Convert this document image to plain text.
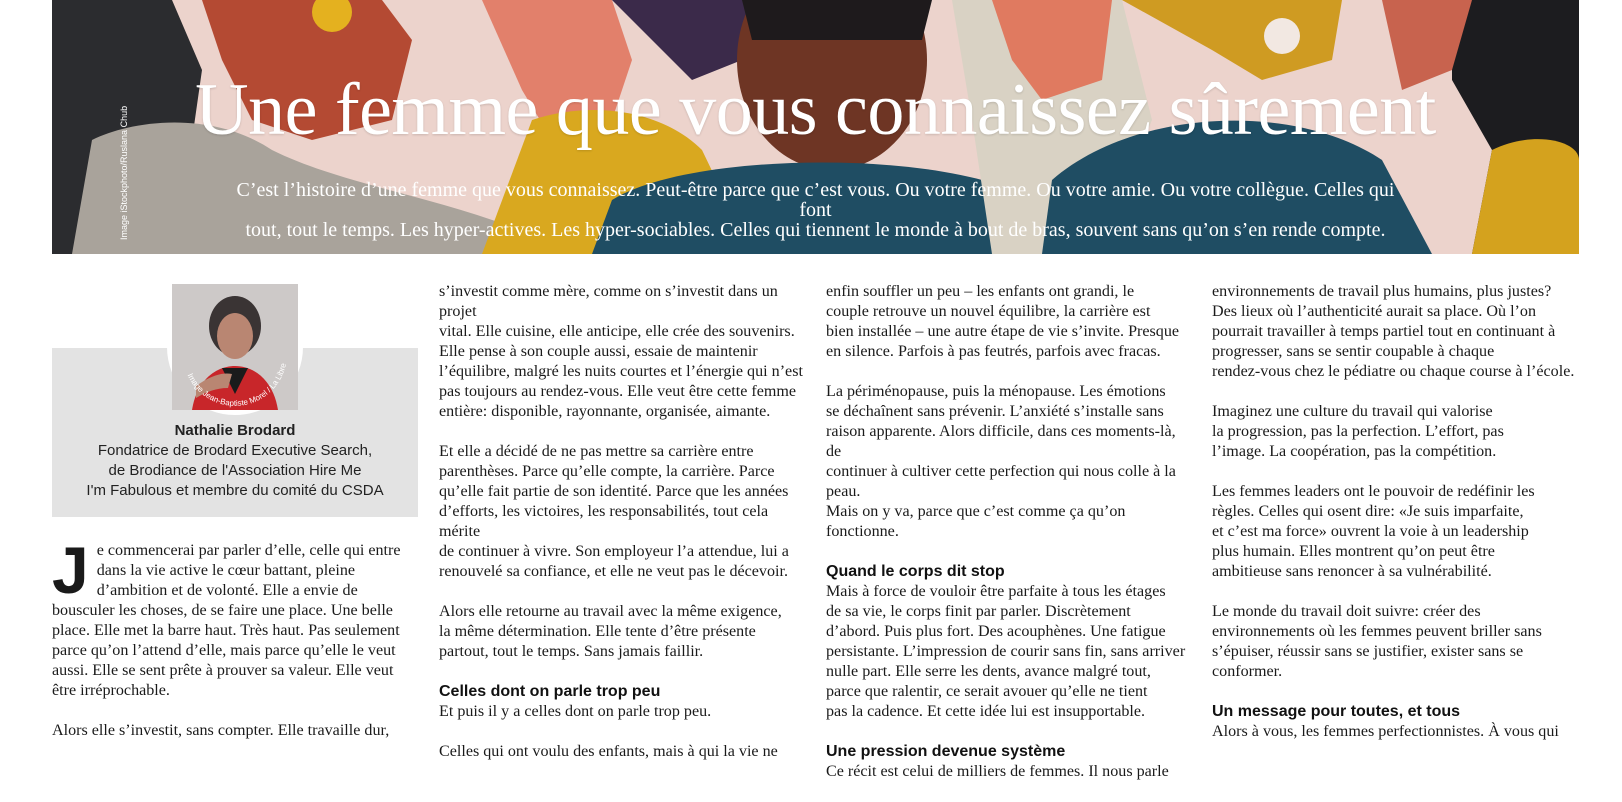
Image iStockphoto/Ruslana Chub Une femme que vous connaissez sûrement
C’est l’histoire d’une femme que vous connaissez. Peut-être parce que c’est vous. Ou votre femme. Ou votre amie. Ou votre collègue. Celles qui font
tout, tout le temps. Les hyper-actives. Les hyper-sociables. Celles qui tiennent le monde à bout de bras, souvent sans qu’on s’en rende compte.
Image Jean-Baptiste Morel / La Libre
Nathalie Brodard
Fondatrice de Brodard Executive Search,
de Brodiance de l'Association Hire Me
I'm Fabulous et membre du comité du CSDA

Je commencerai par parler d’elle, celle qui entre dans la vie active le cœur battant, pleine d’ambition et de volonté. Elle a envie de bousculer les choses, de se faire une place. Une belle place. Elle met la barre haut. Très haut. Pas seulement parce qu’on l’attend d’elle, mais parce qu’elle le veut aussi. Elle se sent prête à prouver sa valeur. Elle veut être irréprochable.

Alors elle s’investit, sans compter. Elle travaille dur,

s’investit comme mère, comme on s’investit dans un projet
vital. Elle cuisine, elle anticipe, elle crée des souvenirs.
Elle pense à son couple aussi, essaie de maintenir
l’équilibre, malgré les nuits courtes et l’énergie qui n’est
pas toujours au rendez-vous. Elle veut être cette femme
entière: disponible, rayonnante, organisée, aimante.

Et elle a décidé de ne pas mettre sa carrière entre
parenthèses. Parce qu’elle compte, la carrière. Parce
qu’elle fait partie de son identité. Parce que les années
d’efforts, les victoires, les responsabilités, tout cela mérite
de continuer à vivre. Son employeur l’a attendue, lui a
renouvelé sa confiance, et elle ne veut pas le décevoir.

Alors elle retourne au travail avec la même exigence,
la même détermination. Elle tente d’être présente
partout, tout le temps. Sans jamais faillir.

Celles dont on parle trop peu

Et puis il y a celles dont on parle trop peu.

Celles qui ont voulu des enfants, mais à qui la vie ne

enfin souffler un peu – les enfants ont grandi, le
couple retrouve un nouvel équilibre, la carrière est
bien installée – une autre étape de vie s’invite. Presque
en silence. Parfois à pas feutrés, parfois avec fracas.

La périménopause, puis la ménopause. Les émotions
se déchaînent sans prévenir. L’anxiété s’installe sans
raison apparente. Alors difficile, dans ces moments-là, de
continuer à cultiver cette perfection qui nous colle à la peau.
Mais on y va, parce que c’est comme ça qu’on fonctionne.

Quand le corps dit stop

Mais à force de vouloir être parfaite à tous les étages
de sa vie, le corps finit par parler. Discrètement
d’abord. Puis plus fort. Des acouphènes. Une fatigue
persistante. L’impression de courir sans fin, sans arriver
nulle part. Elle serre les dents, avance malgré tout,
parce que ralentir, ce serait avouer qu’elle ne tient
pas la cadence. Et cette idée lui est insupportable.

Une pression devenue système

Ce récit est celui de milliers de femmes. Il nous parle

environnements de travail plus humains, plus justes?
Des lieux où l’authenticité aurait sa place. Où l’on
pourrait travailler à temps partiel tout en continuant à
progresser, sans se sentir coupable à chaque
rendez-vous chez le pédiatre ou chaque course à l’école.

Imaginez une culture du travail qui valorise
la progression, pas la perfection. L’effort, pas
l’image. La coopération, pas la compétition.

Les femmes leaders ont le pouvoir de redéfinir les
règles. Celles qui osent dire: «Je suis imparfaite,
et c’est ma force» ouvrent la voie à un leadership
plus humain. Elles montrent qu’on peut être
ambitieuse sans renoncer à sa vulnérabilité.

Le monde du travail doit suivre: créer des
environnements où les femmes peuvent briller sans
s’épuiser, réussir sans se justifier, exister sans se conformer.

Un message pour toutes, et tous

Alors à vous, les femmes perfectionnistes. À vous qui
